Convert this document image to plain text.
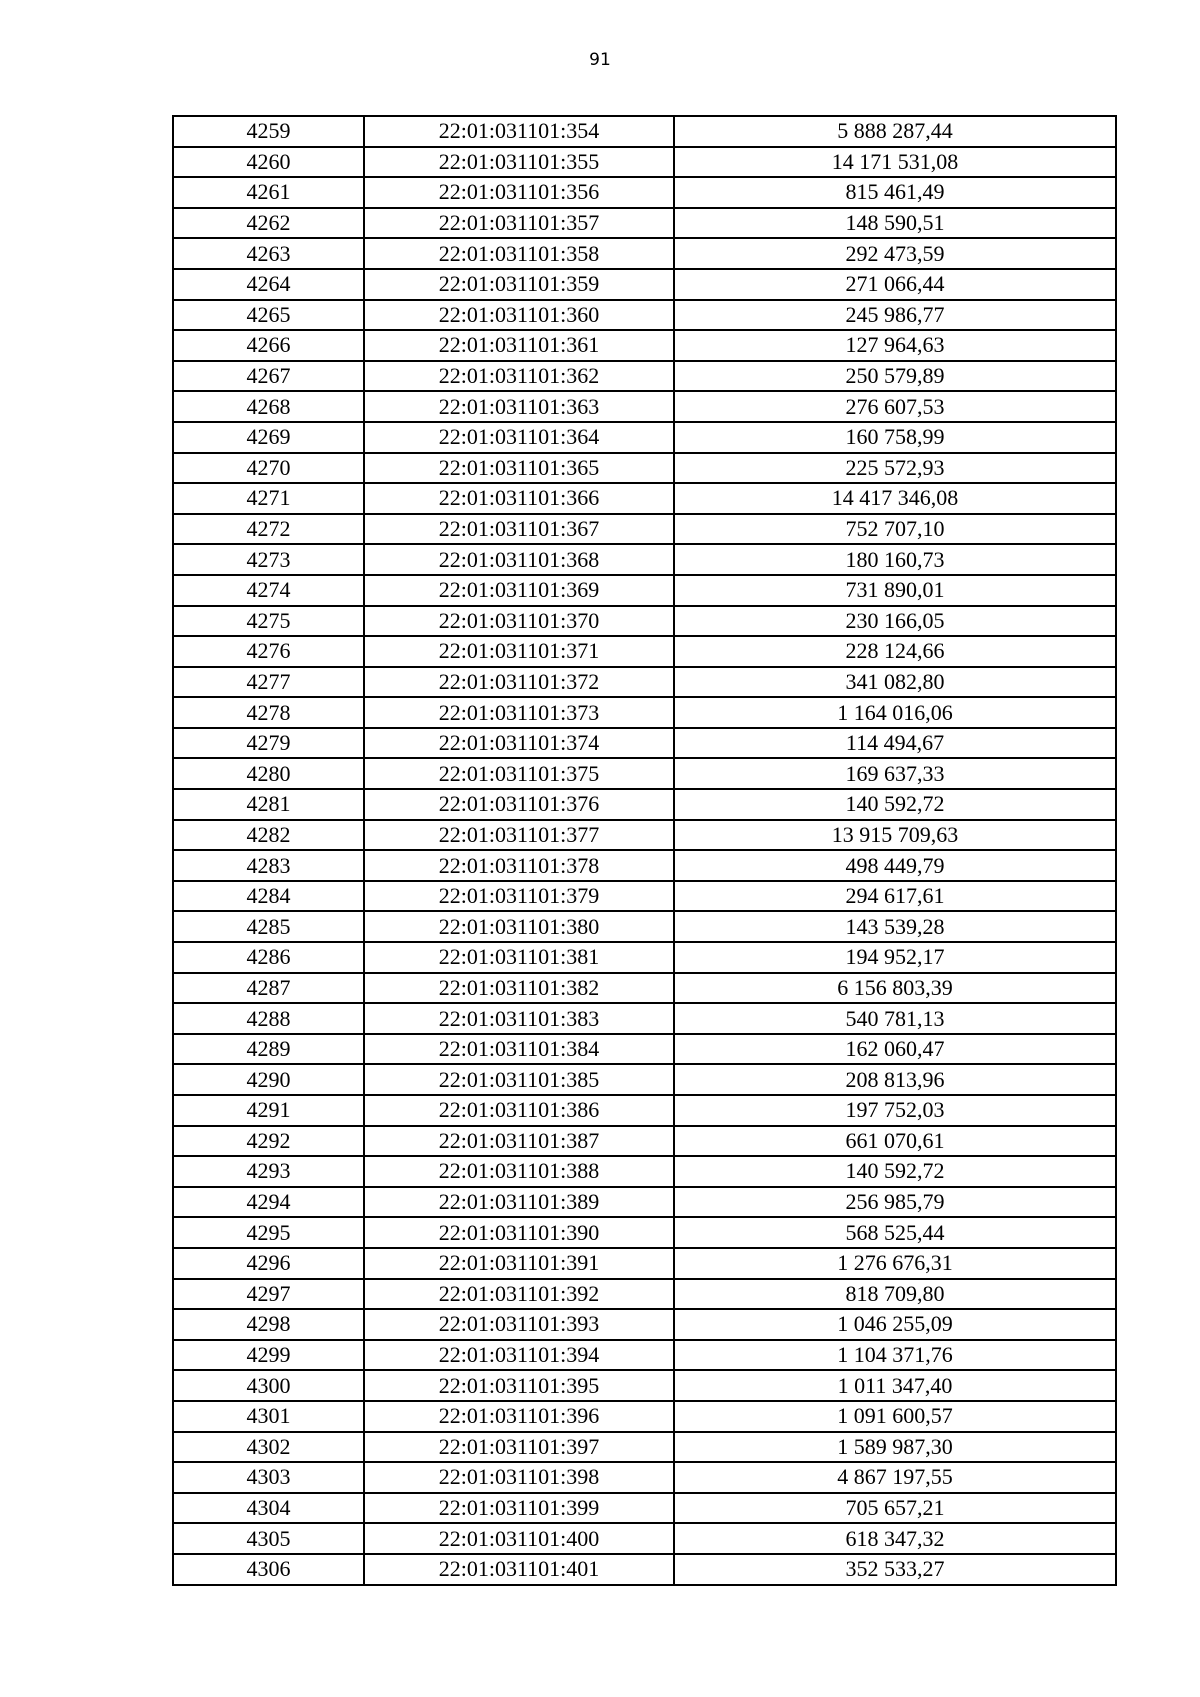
91
4259	22:01:031101:354	5 888 287,44
4260	22:01:031101:355	14 171 531,08
4261	22:01:031101:356	815 461,49
4262	22:01:031101:357	148 590,51
4263	22:01:031101:358	292 473,59
4264	22:01:031101:359	271 066,44
4265	22:01:031101:360	245 986,77
4266	22:01:031101:361	127 964,63
4267	22:01:031101:362	250 579,89
4268	22:01:031101:363	276 607,53
4269	22:01:031101:364	160 758,99
4270	22:01:031101:365	225 572,93
4271	22:01:031101:366	14 417 346,08
4272	22:01:031101:367	752 707,10
4273	22:01:031101:368	180 160,73
4274	22:01:031101:369	731 890,01
4275	22:01:031101:370	230 166,05
4276	22:01:031101:371	228 124,66
4277	22:01:031101:372	341 082,80
4278	22:01:031101:373	1 164 016,06
4279	22:01:031101:374	114 494,67
4280	22:01:031101:375	169 637,33
4281	22:01:031101:376	140 592,72
4282	22:01:031101:377	13 915 709,63
4283	22:01:031101:378	498 449,79
4284	22:01:031101:379	294 617,61
4285	22:01:031101:380	143 539,28
4286	22:01:031101:381	194 952,17
4287	22:01:031101:382	6 156 803,39
4288	22:01:031101:383	540 781,13
4289	22:01:031101:384	162 060,47
4290	22:01:031101:385	208 813,96
4291	22:01:031101:386	197 752,03
4292	22:01:031101:387	661 070,61
4293	22:01:031101:388	140 592,72
4294	22:01:031101:389	256 985,79
4295	22:01:031101:390	568 525,44
4296	22:01:031101:391	1 276 676,31
4297	22:01:031101:392	818 709,80
4298	22:01:031101:393	1 046 255,09
4299	22:01:031101:394	1 104 371,76
4300	22:01:031101:395	1 011 347,40
4301	22:01:031101:396	1 091 600,57
4302	22:01:031101:397	1 589 987,30
4303	22:01:031101:398	4 867 197,55
4304	22:01:031101:399	705 657,21
4305	22:01:031101:400	618 347,32
4306	22:01:031101:401	352 533,27
